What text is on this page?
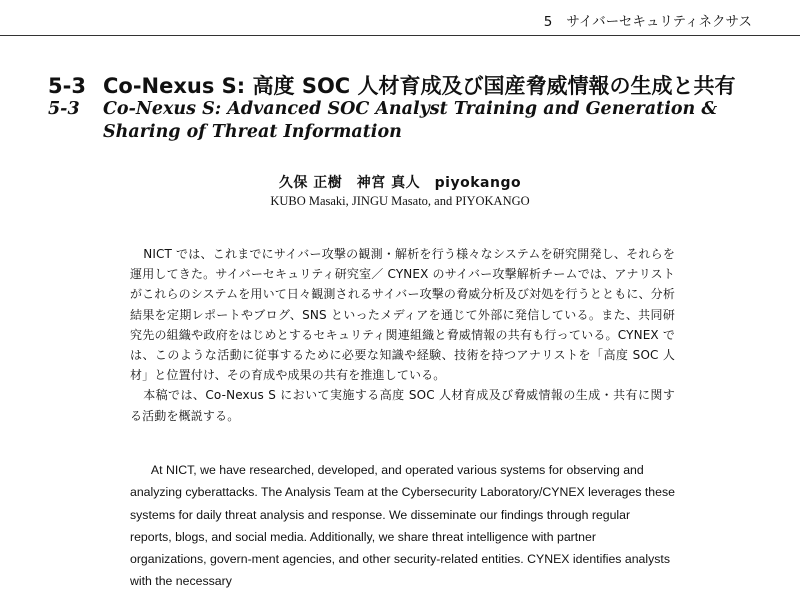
5 サイバーセキュリティネクサス
5-3 Co-Nexus S: 高度 SOC 人材育成及び国産脅威情報の生成と共有
5-3 Co-Nexus S: Advanced SOC Analyst Training and Generation & Sharing of Threat Information
久保 正樹　神宮 真人　piyokango
KUBO Masaki, JINGU Masato, and PIYOKANGO

NICT では、これまでにサイバー攻撃の観測・解析を行う様々なシステムを研究開発し、それらを運用してきた。サイバーセキュリティ研究室／ CYNEX のサイバー攻撃解析チームでは、アナリストがこれらのシステムを用いて日々観測されるサイバー攻撃の脅威分析及び対処を行うとともに、分析結果を定期レポートやブログ、SNS といったメディアを通じて外部に発信している。また、共同研究先の組織や政府をはじめとするセキュリティ関連組織と脅威情報の共有も行っている。CYNEX では、このような活動に従事するために必要な知識や経験、技術を持つアナリストを「高度 SOC 人材」と位置付け、その育成や成果の共有を推進している。

本稿では、Co-Nexus S において実施する高度 SOC 人材育成及び脅威情報の生成・共有に関する活動を概説する。

At NICT, we have researched, developed, and operated various systems for observing and analyzing cyberattacks. The Analysis Team at the Cybersecurity Laboratory/CYNEX leverages these systems for daily threat analysis and response. We disseminate our findings through regular reports, blogs, and social media. Additionally, we share threat intelligence with partner organizations, govern-ment agencies, and other security-related entities. CYNEX identifies analysts with the necessary
